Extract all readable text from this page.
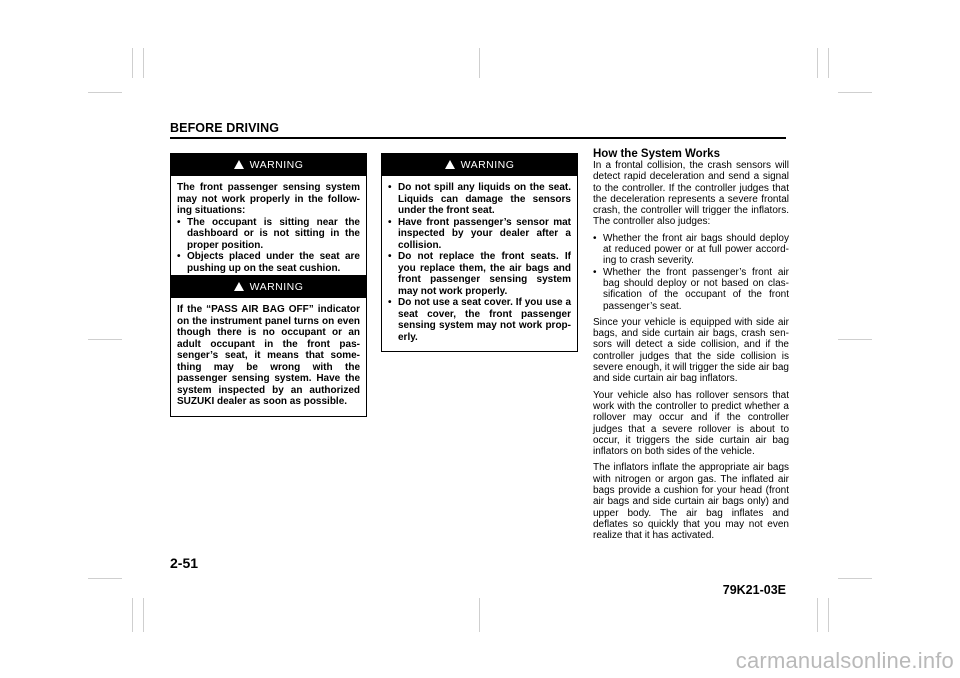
BEFORE DRIVING
WARNING
The front passenger sensing system may not work properly in the follow-ing situations:
• The occupant is sitting near the dashboard or is not sitting in the proper position.
• Objects placed under the seat are pushing up on the seat cushion.
WARNING
If the “PASS AIR BAG OFF” indicator on the instrument panel turns on even though there is no occupant or an adult occupant in the front pas-senger’s seat, it means that some-thing may be wrong with the passenger sensing system. Have the system inspected by an authorized SUZUKI dealer as soon as possible.
WARNING
• Do not spill any liquids on the seat. Liquids can damage the sensors under the front seat.
• Have front passenger’s sensor mat inspected by your dealer after a collision.
• Do not replace the front seats. If you replace them, the air bags and front passenger sensing system may not work properly.
• Do not use a seat cover. If you use a seat cover, the front passenger sensing system may not work prop-erly.
How the System Works

In a frontal collision, the crash sensors will detect rapid deceleration and send a signal to the controller. If the controller judges that the deceleration represents a severe frontal crash, the controller will trigger the inflators. The controller also judges:

• Whether the front air bags should deploy at reduced power or at full power accord-ing to crash severity.
• Whether the front passenger’s front air bag should deploy or not based on clas-sification of the occupant of the front passenger’s seat.

Since your vehicle is equipped with side air bags, and side curtain air bags, crash sen-sors will detect a side collision, and if the controller judges that the side collision is severe enough, it will trigger the side air bag and side curtain air bag inflators.

Your vehicle also has rollover sensors that work with the controller to predict whether a rollover may occur and if the controller judges that a severe rollover is about to occur, it triggers the side curtain air bag inflators on both sides of the vehicle.

The inflators inflate the appropriate air bags with nitrogen or argon gas. The inflated air bags provide a cushion for your head (front air bags and side curtain air bags only) and upper body. The air bag inflates and deflates so quickly that you may not even realize that it has activated.

2-51
79K21-03E
carmanualsonline.info
